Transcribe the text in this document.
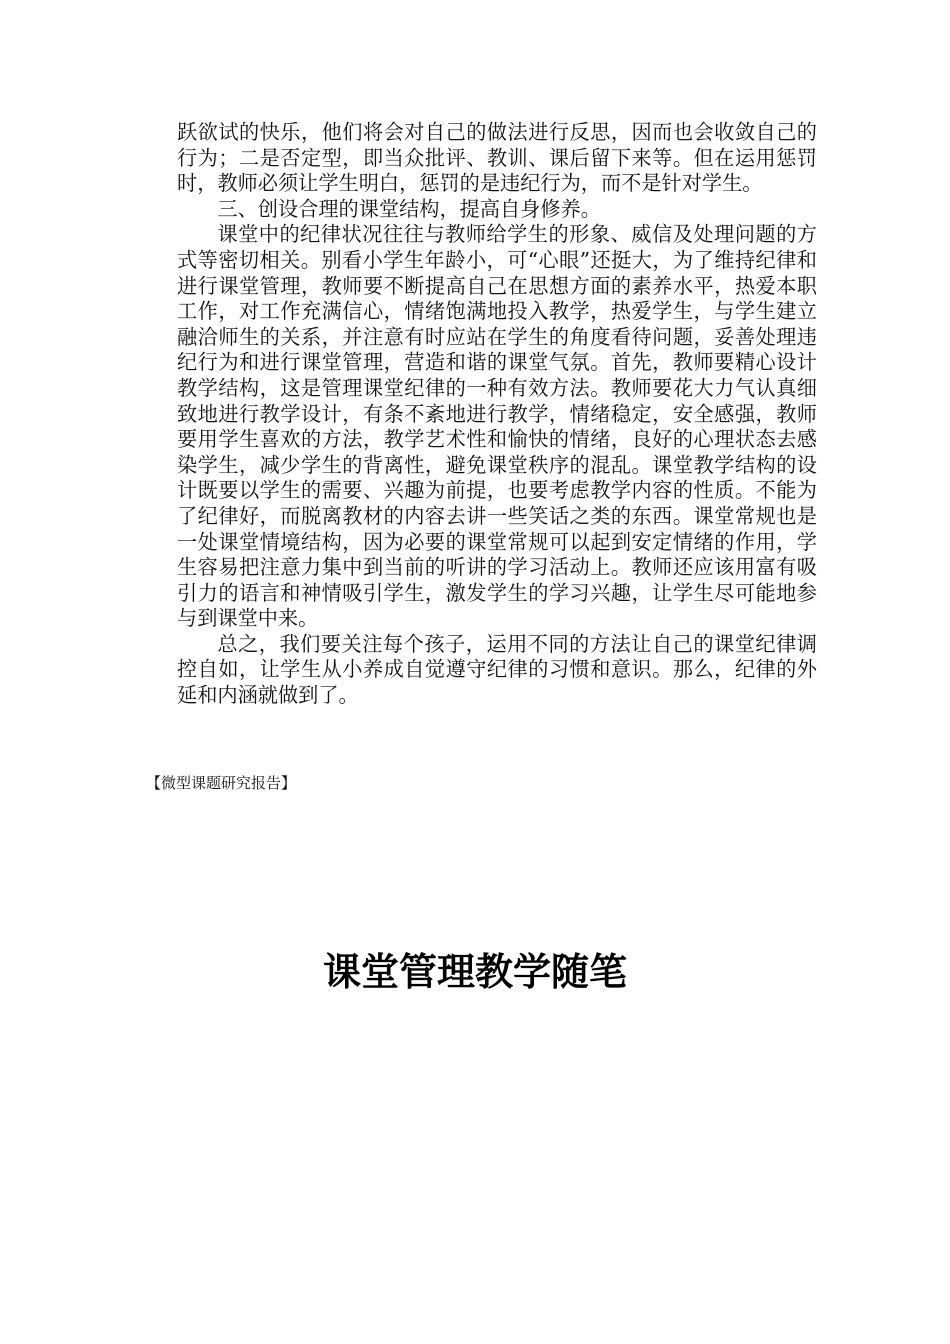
跃欲试的快乐，他们将会对自己的做法进行反思，因而也会收敛自己的行为；二是否定型，即当众批评、教训、课后留下来等。但在运用惩罚时，教师必须让学生明白，惩罚的是违纪行为，而不是针对学生。

三、创设合理的课堂结构，提高自身修养。

课堂中的纪律状况往往与教师给学生的形象、威信及处理问题的方式等密切相关。别看小学生年龄小，可“心眼”还挺大，为了维持纪律和进行课堂管理，教师要不断提高自己在思想方面的素养水平，热爱本职工作，对工作充满信心，情绪饱满地投入教学，热爱学生，与学生建立融洽师生的关系，并注意有时应站在学生的角度看待问题，妥善处理违纪行为和进行课堂管理，营造和谐的课堂气氛。首先，教师要精心设计教学结构，这是管理课堂纪律的一种有效方法。教师要花大力气认真细致地进行教学设计，有条不紊地进行教学，情绪稳定，安全感强，教师要用学生喜欢的方法，教学艺术性和愉快的情绪，良好的心理状态去感染学生，减少学生的背离性，避免课堂秩序的混乱。课堂教学结构的设计既要以学生的需要、兴趣为前提，也要考虑教学内容的性质。不能为了纪律好，而脱离教材的内容去讲一些笑话之类的东西。课堂常规也是一处课堂情境结构，因为必要的课堂常规可以起到安定情绪的作用，学生容易把注意力集中到当前的听讲的学习活动上。教师还应该用富有吸引力的语言和神情吸引学生，激发学生的学习兴趣，让学生尽可能地参与到课堂中来。

总之，我们要关注每个孩子，运用不同的方法让自己的课堂纪律调控自如，让学生从小养成自觉遵守纪律的习惯和意识。那么，纪律的外延和内涵就做到了。

【微型课题研究报告】
课堂管理教学随笔
